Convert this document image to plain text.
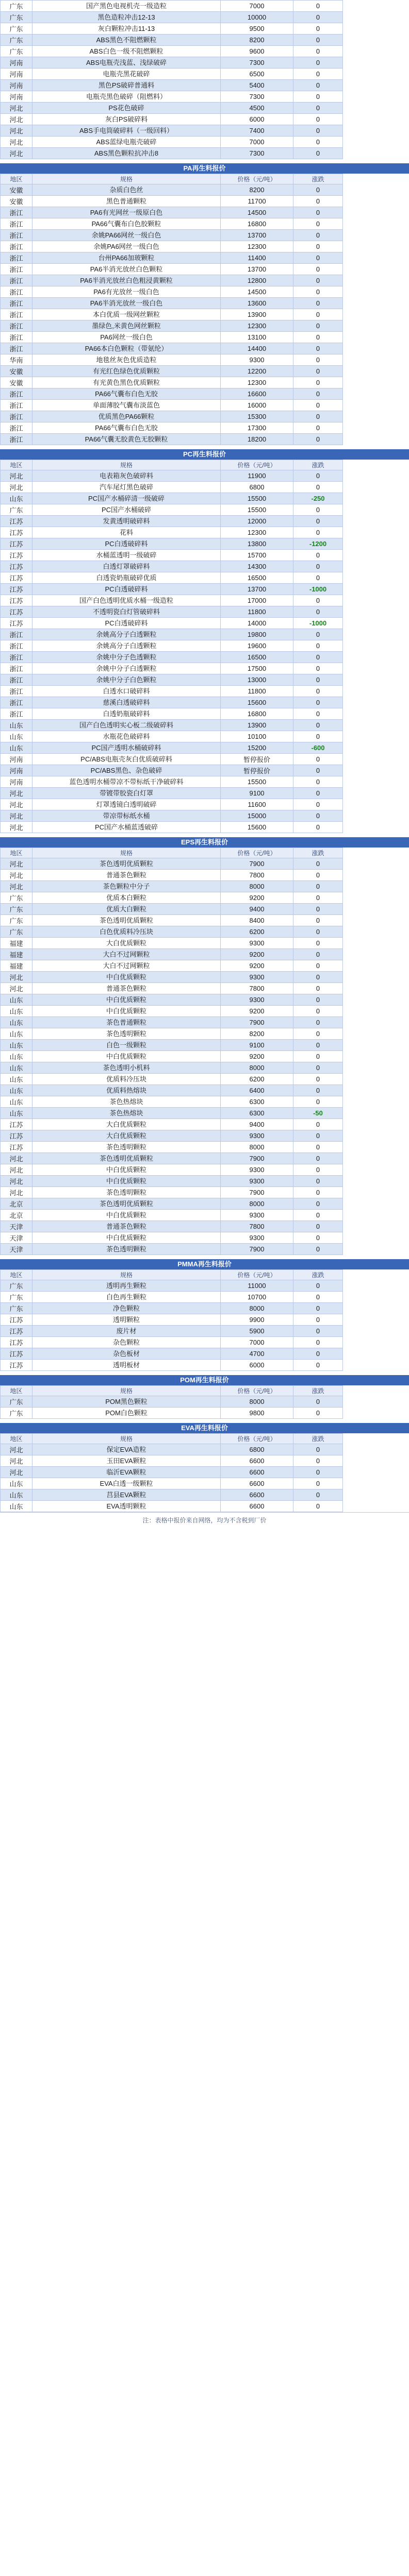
广东	国产黑色电视机壳一级造粒	7000	0	
广东	黑色造粒冲击12-13	10000	0	
广东	灰白颗粒冲击11-13	9500	0	
广东	ABS黑色不阻燃颗粒	8200	0	
广东	ABS白色一级不阻燃颗粒	9600	0	
河南	ABS电瓶壳浅蓝、浅绿破碎	7300	0	
河南	电瓶壳黑花破碎	6500	0	
河南	黑色PS破碎普通料	5400	0	
河南	电瓶壳黑色破碎（阻燃料）	7300	0	
河北	PS花色破碎	4500	0	
河北	灰白PS破碎料	6000	0	
河北	ABS手电筒破碎料（一级回料）	7400	0	
河北	ABS蓝绿电瓶壳破碎	7000	0	
河北	ABS黑色颗粒抗冲击8	7300	0	
PA再生料报价
地区	规格	价格（元/吨）	涨跌	
安徽	杂质白色丝	8200	0	
安徽	黑色普通颗粒	11700	0	
浙江	PA6有光网丝一级原白色	14500	0	
浙江	PA66气囊布白色胶颗粒	16800	0	
浙江	余姚PA66网丝一级白色	13700	0	
浙江	余姚PA6网丝一级白色	12300	0	
浙江	台州PA66加玻颗粒	11400	0	
浙江	PA6半消光放丝白色颗粒	13700	0	
浙江	PA6半消光放丝白色粗浸黄颗粒	12800	0	
浙江	PA6有光放丝一级白色	14500	0	
浙江	PA6半消光放丝一级白色	13600	0	
浙江	本白优质一级网丝颗粒	13900	0	
浙江	墨绿色,米黄色网丝颗粒	12300	0	
浙江	PA6网丝一级白色	13100	0	
浙江	PA66本白色颗粒（带氨纶）	14400	0	
华南	地毯丝灰色优质造粒	9300	0	
安徽	有光红色绿色优质颗粒	12200	0	
安徽	有光黄色黑色优质颗粒	12300	0	
浙江	PA66气囊布白色无胶	16600	0	
浙江	单面薄胶气囊布淡蓝色	16000	0	
浙江	优质黑色PA66颗粒	15300	0	
浙江	PA66气囊布白色无胶	17300	0	
浙江	PA66气囊无胶黄色无胶颗粒	18200	0	
PC再生料报价
地区	规格	价格（元/吨）	涨跌	
河北	电表箱灰色破碎料	11900	0	
河北	汽车尾灯黑色破碎	6800	0	
山东	PC国产水桶碎清一级破碎	15500	-250	
广东	PC国产水桶破碎	15500	0	
江苏	发黄透明破碎料	12000	0	
江苏	花料	12300	0	
江苏	PC白透破碎料	13800	-1200	
江苏	水桶蓝透明一级破碎	15700	0	
江苏	白透灯罩破碎料	14300	0	
江苏	白透瓷奶瓶破碎优质	16500	0	
江苏	PC白透破碎料	13700	-1000	
江苏	国产白色透明优质水桶一级造粒	17000	0	
江苏	不透明瓷白灯管破碎料	11800	0	
江苏	PC白透破碎料	14000	-1000	
浙江	余姚高分子白透颗粒	19800	0	
浙江	余姚高分子白透颗粒	19600	0	
浙江	余姚中分子色透颗粒	16500	0	
浙江	余姚中分子白透颗粒	17500	0	
浙江	余姚中分子白色颗粒	13000	0	
浙江	白透水口破碎料	11800	0	
浙江	慈溪白透破碎料	15600	0	
浙江	白透奶瓶破碎料	16800	0	
山东	国产白色透明实心板二级破碎料	13900	0	
山东	水瓶花色破碎料	10100	0	
山东	PC国产透明水桶破碎料	15200	-600	
河南	PC/ABS电瓶壳灰白优质破碎料	暂停报价	0	
河南	PC/ABS黑色、杂色破碎	暂停报价	0	
河南	蓝色透明水桶带凉不带标纸干净破碎料	15500	0	
河北	带镀带胶瓷白灯罩	9100	0	
河北	灯罩透镜白透明破碎	11600	0	
河北	带凉带标纸水桶	15000	0	
河北	PC国产水桶蓝透破碎	15600	0	
EPS再生料报价
地区	规格	价格（元/吨）	涨跌	
河北	茶色透明优质颗粒	7900	0	
河北	普通茶色颗粒	7800	0	
河北	茶色颗粒中分子	8000	0	
广东	优质本白颗粒	9200	0	
广东	优质大白颗粒	9400	0	
广东	茶色透明优质颗粒	8400	0	
广东	白色优质料冷压块	6200	0	
福建	大白优质颗粒	9300	0	
福建	大白不过网颗粒	9200	0	
福建	大白不过网颗粒	9200	0	
河北	中白优质颗粒	9300	0	
河北	普通茶色颗粒	7800	0	
山东	中白优质颗粒	9300	0	
山东	中白优质颗粒	9200	0	
山东	茶色普通颗粒	7900	0	
山东	茶色透明颗粒	8200	0	
山东	白色一级颗粒	9100	0	
山东	中白优质颗粒	9200	0	
山东	茶色透明小机料	8000	0	
山东	优质料冷压块	6200	0	
山东	优质料热熔块	6400	0	
山东	茶色热熔块	6300	0	
山东	茶色热熔块	6300	-50	
江苏	大白优质颗粒	9400	0	
江苏	大白优质颗粒	9300	0	
江苏	茶色透明颗粒	8000	0	
河北	茶色透明优质颗粒	7900	0	
河北	中白优质颗粒	9300	0	
河北	中白优质颗粒	9300	0	
河北	茶色透明颗粒	7900	0	
北京	茶色透明优质颗粒	8000	0	
北京	中白优质颗粒	9300	0	
天津	普通茶色颗粒	7800	0	
天津	中白优质颗粒	9300	0	
天津	茶色透明颗粒	7900	0	
PMMA再生料报价
地区	规格	价格（元/吨）	涨跌	
广东	透明再生颗粒	11000	0	
广东	白色再生颗粒	10700	0	
广东	净色颗粒	8000	0	
江苏	透明颗粒	9900	0	
江苏	废片材	5900	0	
江苏	杂色颗粒	7000	0	
江苏	杂色板材	4700	0	
江苏	透明板材	6000	0	
POM再生料报价
地区	规格	价格（元/吨）	涨跌	
广东	POM黑色颗粒	8000	0	
广东	POM白色颗粒	9800	0	
EVA再生料报价
地区	规格	价格（元/吨）	涨跌	
河北	保定EVA造粒	6800	0	
河北	玉田EVA颗粒	6600	0	
河北	临沂EVA颗粒	6600	0	
山东	EVA白透一级颗粒	6600	0	
山东	莒县EVA颗粒	6600	0	
山东	EVA透明颗粒	6600	0	
注：表格中报价来自网络，均为不含税到厂价
